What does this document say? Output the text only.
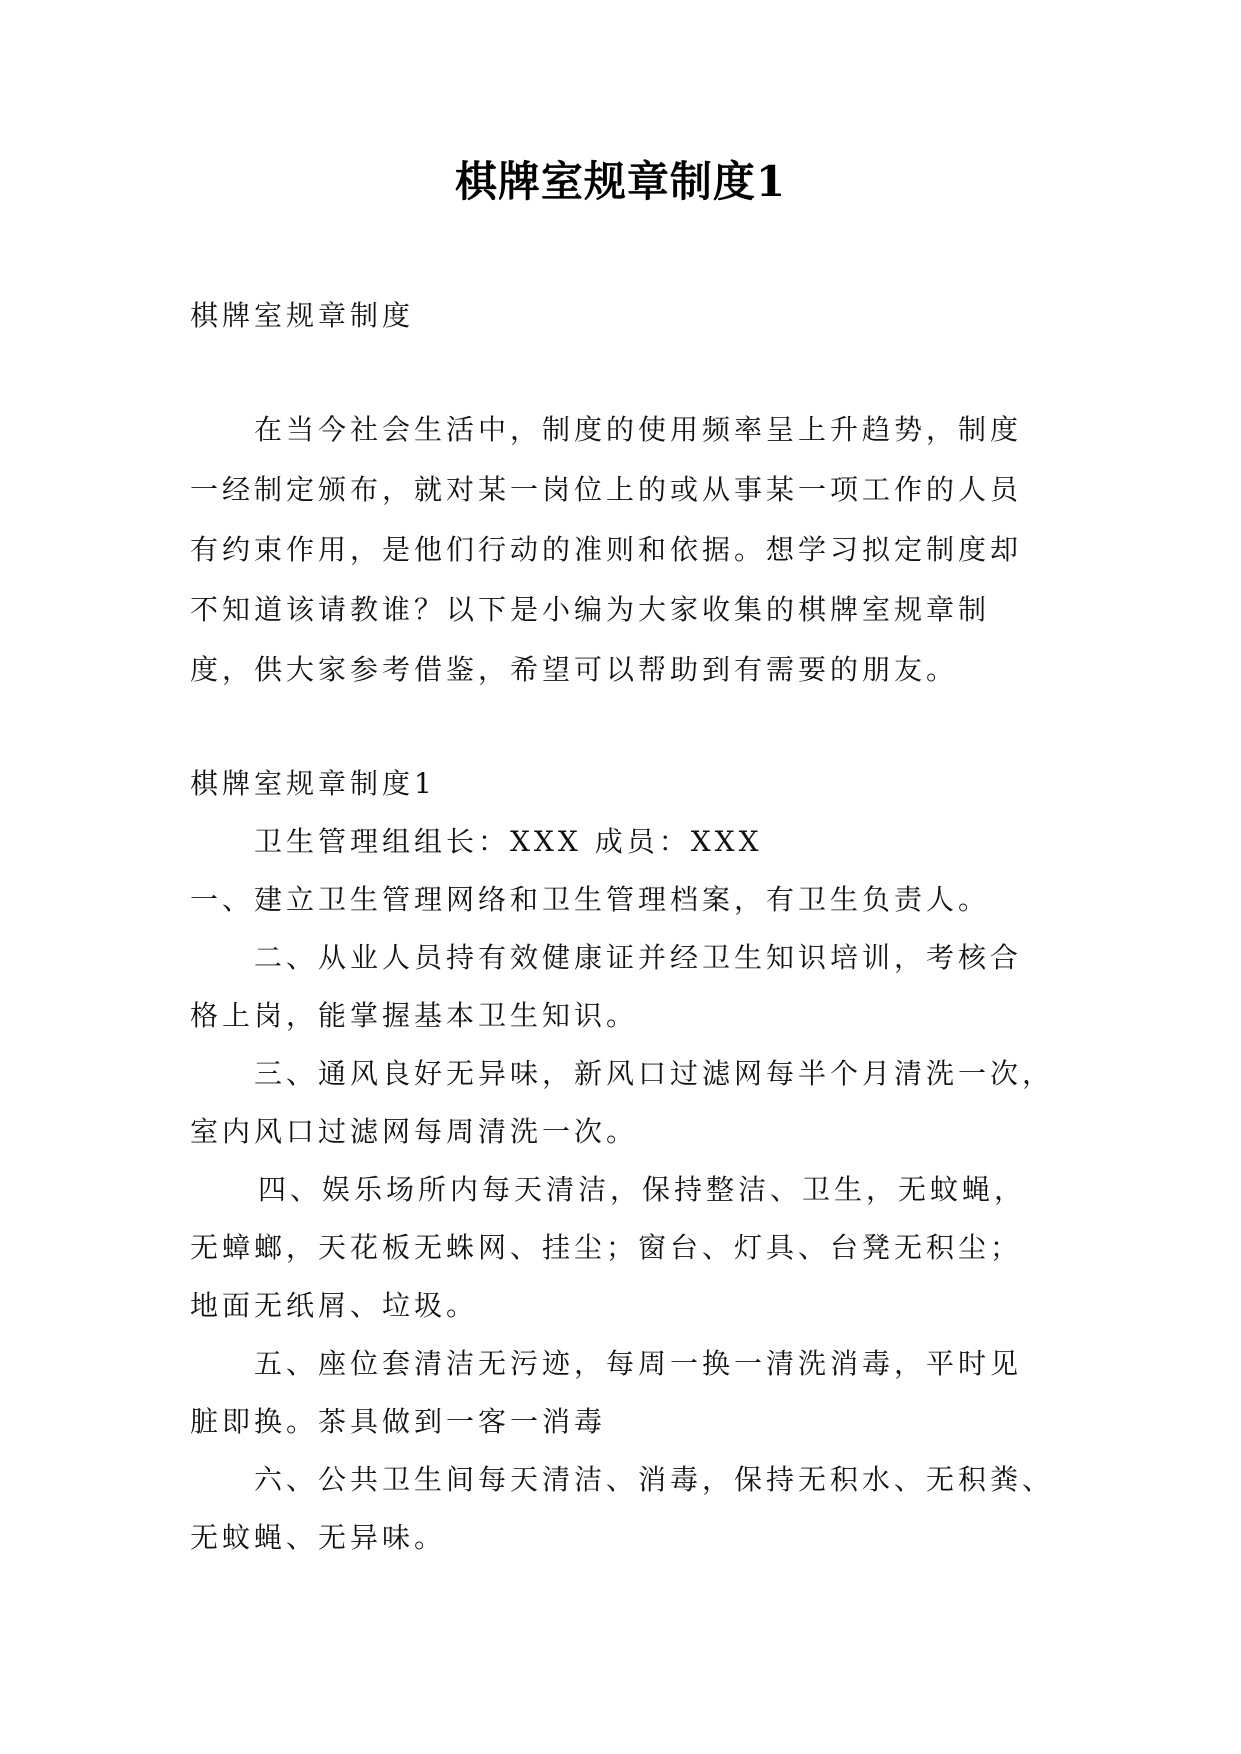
棋牌室规章制度1
棋牌室规章制度
在当今社会生活中，制度的使用频率呈上升趋势，制度
一经制定颁布，就对某一岗位上的或从事某一项工作的人员
有约束作用，是他们行动的准则和依据。想学习拟定制度却
不知道该请教谁？以下是小编为大家收集的棋牌室规章制
度，供大家参考借鉴，希望可以帮助到有需要的朋友。
棋牌室规章制度1
卫生管理组组长：XXX 成员：XXX
一、建立卫生管理网络和卫生管理档案，有卫生负责人。
二、从业人员持有效健康证并经卫生知识培训，考核合
格上岗，能掌握基本卫生知识。
三、通风良好无异味，新风口过滤网每半个月清洗一次，
室内风口过滤网每周清洗一次。
四、娱乐场所内每天清洁，保持整洁、卫生，无蚊蝇，
无蟑螂，天花板无蛛网、挂尘；窗台、灯具、台凳无积尘；
地面无纸屑、垃圾。
五、座位套清洁无污迹，每周一换一清洗消毒，平时见
脏即换。茶具做到一客一消毒
六、公共卫生间每天清洁、消毒，保持无积水、无积粪、
无蚊蝇、无异味。
